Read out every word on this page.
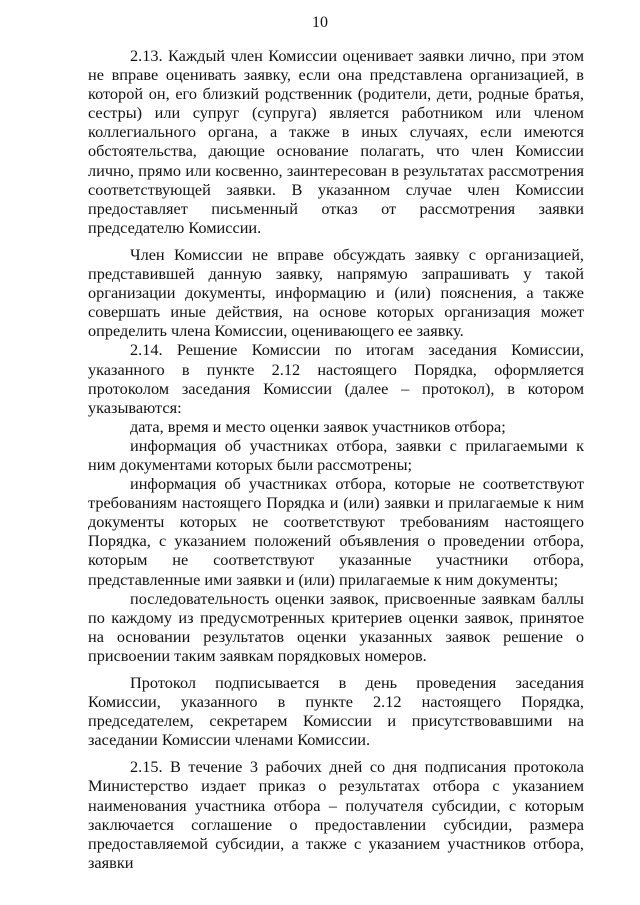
10

2.13. Каждый член Комиссии оценивает заявки лично, при этом не вправе оценивать заявку, если она представлена организацией, в которой он, его близкий родственник (родители, дети, родные братья, сестры) или супруг (супруга) является работником или членом коллегиального органа, а также в иных случаях, если имеются обстоятельства, дающие основание полагать, что член Комиссии лично, прямо или косвенно, заинтересован в результатах рассмотрения соответствующей заявки. В указанном случае член Комиссии предоставляет письменный отказ от рассмотрения заявки председателю Комиссии.

Член Комиссии не вправе обсуждать заявку с организацией, представившей данную заявку, напрямую запрашивать у такой организации документы, информацию и (или) пояснения, а также совершать иные действия, на основе которых организация может определить члена Комиссии, оценивающего ее заявку.

2.14. Решение Комиссии по итогам заседания Комиссии, указанного в пункте 2.12 настоящего Порядка, оформляется протоколом заседания Комиссии (далее – протокол), в котором указываются:

дата, время и место оценки заявок участников отбора;

информация об участниках отбора, заявки с прилагаемыми к ним документами которых были рассмотрены;

информация об участниках отбора, которые не соответствуют требованиям настоящего Порядка и (или) заявки и прилагаемые к ним документы которых не соответствуют требованиям настоящего Порядка, с указанием положений объявления о проведении отбора, которым не соответствуют указанные участники отбора, представленные ими заявки и (или) прилагаемые к ним документы;

последовательность оценки заявок, присвоенные заявкам баллы по каждому из предусмотренных критериев оценки заявок, принятое на основании результатов оценки указанных заявок решение о присвоении таким заявкам порядковых номеров.

Протокол подписывается в день проведения заседания Комиссии, указанного в пункте 2.12 настоящего Порядка, председателем, секретарем Комиссии и присутствовавшими на заседании Комиссии членами Комиссии.

2.15. В течение 3 рабочих дней со дня подписания протокола Министерство издает приказ о результатах отбора с указанием наименования участника отбора – получателя субсидии, с которым заключается соглашение о предоставлении субсидии, размера предоставляемой субсидии, а также с указанием участников отбора, заявки
